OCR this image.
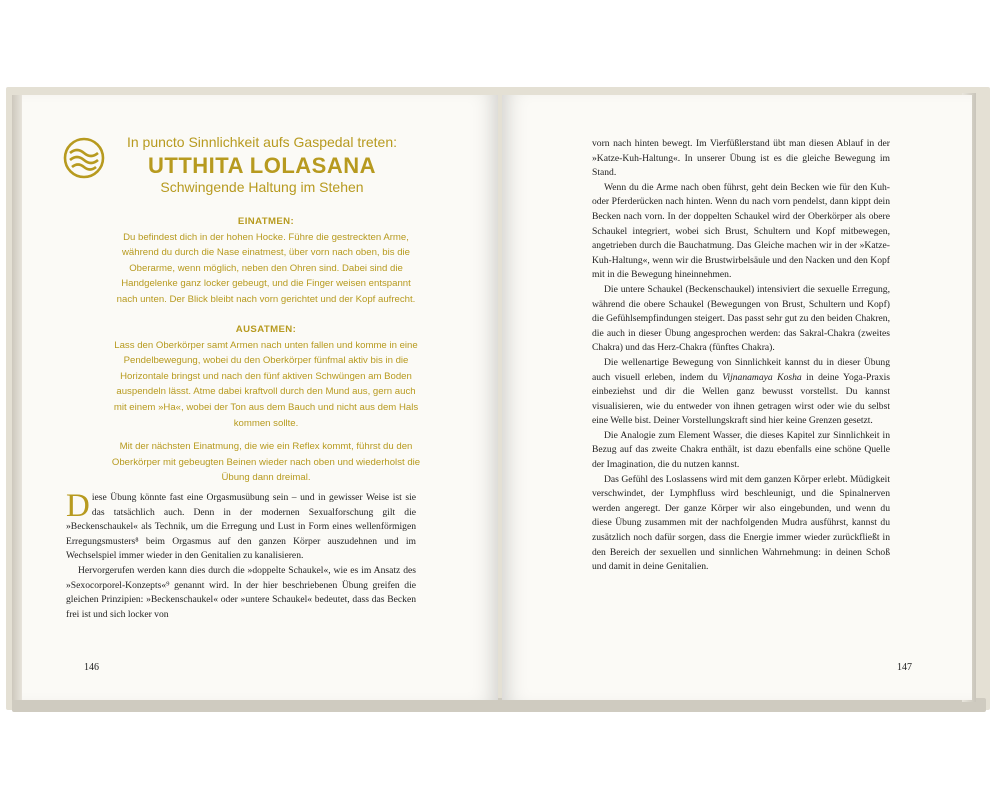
In puncto Sinnlichkeit aufs Gaspedal treten:
UTTHITA LOLASANA
Schwingende Haltung im Stehen
EINATMEN:
Du befindest dich in der hohen Hocke. Führe die gestreckten Arme, während du durch die Nase einatmest, über vorn nach oben, bis die Oberarme, wenn möglich, neben den Ohren sind. Dabei sind die Handgelenke ganz locker gebeugt, und die Finger weisen entspannt nach unten. Der Blick bleibt nach vorn gerichtet und der Kopf aufrecht.
AUSATMEN:
Lass den Oberkörper samt Armen nach unten fallen und komme in eine Pendelbewegung, wobei du den Oberkörper fünfmal aktiv bis in die Horizontale bringst und nach den fünf aktiven Schwüngen am Boden auspendeln lässt. Atme dabei kraftvoll durch den Mund aus, gern auch mit einem »Ha«, wobei der Ton aus dem Bauch und nicht aus dem Hals kommen sollte.
Mit der nächsten Einatmung, die wie ein Reflex kommt, führst du den Oberkörper mit gebeugten Beinen wieder nach oben und wiederholst die Übung dann dreimal.

Diese Übung könnte fast eine Orgasmusübung sein – und in gewisser Weise ist sie das tatsächlich auch. Denn in der modernen Sexualforschung gilt die »Beckenschaukel« als Technik, um die Erregung und Lust in Form eines wellenförmigen Erregungsmusters⁸ beim Orgasmus auf den ganzen Körper auszudehnen und im Wechselspiel immer wieder in den Genitalien zu kanalisieren.

Hervorgerufen werden kann dies durch die »doppelte Schaukel«, wie es im Ansatz des »Sexocorporel-Konzepts«⁹ genannt wird. In der hier beschriebenen Übung greifen die gleichen Prinzipien: »Beckenschaukel« oder »untere Schaukel« bedeutet, dass das Becken frei ist und sich locker von

146

vorn nach hinten bewegt. Im Vierfüßlerstand übt man diesen Ablauf in der »Katze-Kuh-Haltung«. In unserer Übung ist es die gleiche Bewegung im Stand.

Wenn du die Arme nach oben führst, geht dein Becken wie für den Kuh- oder Pferderücken nach hinten. Wenn du nach vorn pendelst, dann kippt dein Becken nach vorn. In der doppelten Schaukel wird der Oberkörper als obere Schaukel integriert, wobei sich Brust, Schultern und Kopf mitbewegen, angetrieben durch die Bauchatmung. Das Gleiche machen wir in der »Katze-Kuh-Haltung«, wenn wir die Brustwirbelsäule und den Nacken und den Kopf mit in die Bewegung hineinnehmen.

Die untere Schaukel (Beckenschaukel) intensiviert die sexuelle Erregung, während die obere Schaukel (Bewegungen von Brust, Schultern und Kopf) die Gefühlsempfindungen steigert. Das passt sehr gut zu den beiden Chakren, die auch in dieser Übung angesprochen werden: das Sakral-Chakra (zweites Chakra) und das Herz-Chakra (fünftes Chakra).

Die wellenartige Bewegung von Sinnlichkeit kannst du in dieser Übung auch visuell erleben, indem du Vijnanamaya Kosha in deine Yoga-Praxis einbeziehst und dir die Wellen ganz bewusst vorstellst. Du kannst visualisieren, wie du entweder von ihnen getragen wirst oder wie du selbst eine Welle bist. Deiner Vorstellungskraft sind hier keine Grenzen gesetzt.

Die Analogie zum Element Wasser, die dieses Kapitel zur Sinnlichkeit in Bezug auf das zweite Chakra enthält, ist dazu ebenfalls eine schöne Quelle der Imagination, die du nutzen kannst.

Das Gefühl des Loslassens wird mit dem ganzen Körper erlebt. Müdigkeit verschwindet, der Lymphfluss wird beschleunigt, und die Spinalnerven werden angeregt. Der ganze Körper wir also eingebunden, und wenn du diese Übung zusammen mit der nachfolgenden Mudra ausführst, kannst du zusätzlich noch dafür sorgen, dass die Energie immer wieder zurückfließt in den Bereich der sexuellen und sinnlichen Wahrnehmung: in deinen Schoß und damit in deine Genitalien.

147
